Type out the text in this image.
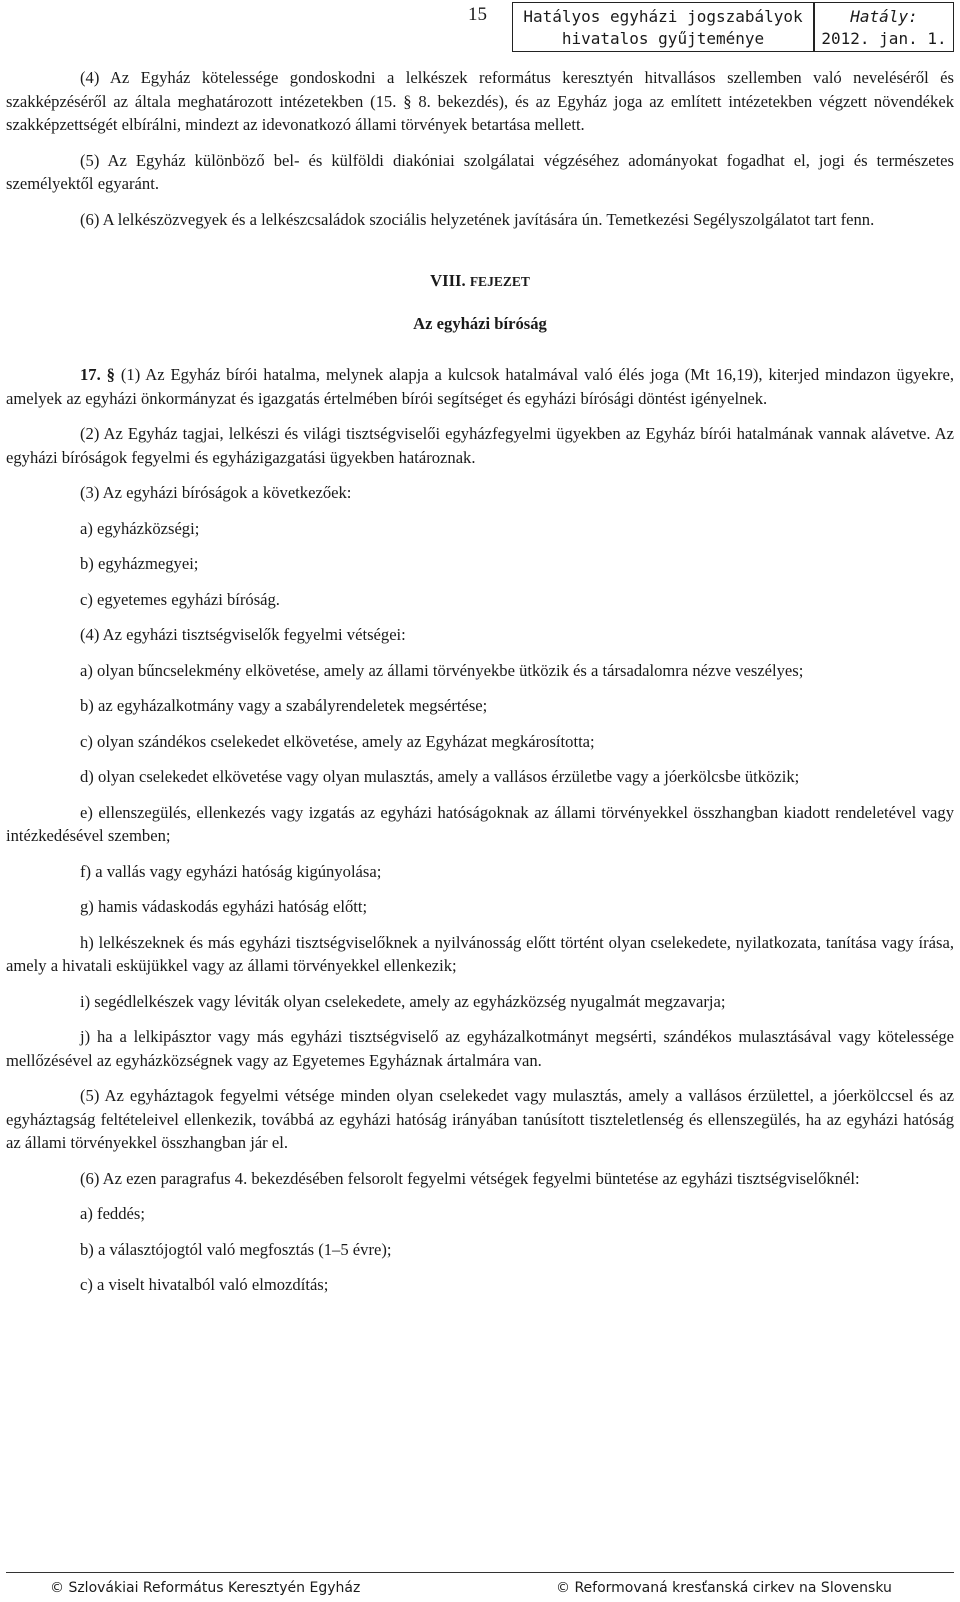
15 Hatályos egyházi jogszabályok
hivatalos gyűjteménye
Hatály:
2012. jan. 1.

(4) Az Egyház kötelessége gondoskodni a lelkészek református keresztyén hitvallásos szellemben való neveléséről és szakképzéséről az általa meghatározott intézetekben (15. § 8. bekezdés), és az Egyház joga az említett intézetekben végzett növendékek szakképzettségét elbírálni, mindezt az idevonatkozó állami törvények betartása mellett.

(5) Az Egyház különböző bel- és külföldi diakóniai szolgálatai végzéséhez adományokat fogadhat el, jogi és természetes személyektől egyaránt.

(6) A lelkészözvegyek és a lelkészcsaládok szociális helyzetének javítására ún. Temetkezési Segélyszolgálatot tart fenn.

VIII. FEJEZET

Az egyházi bíróság

17. § (1) Az Egyház bírói hatalma, melynek alapja a kulcsok hatalmával való élés joga (Mt 16,19), kiterjed mindazon ügyekre, amelyek az egyházi önkormányzat és igazgatás értelmében bírói segítséget és egyházi bírósági döntést igényelnek.

(2) Az Egyház tagjai, lelkészi és világi tisztségviselői egyházfegyelmi ügyekben az Egyház bírói hatalmának vannak alávetve. Az egyházi bíróságok fegyelmi és egyházigazgatási ügyekben határoznak.

(3) Az egyházi bíróságok a következőek:

a) egyházközségi;

b) egyházmegyei;

c) egyetemes egyházi bíróság.

(4) Az egyházi tisztségviselők fegyelmi vétségei:

a) olyan bűncselekmény elkövetése, amely az állami törvényekbe ütközik és a társadalomra nézve veszélyes;

b) az egyházalkotmány vagy a szabályrendeletek megsértése;

c) olyan szándékos cselekedet elkövetése, amely az Egyházat megkárosította;

d) olyan cselekedet elkövetése vagy olyan mulasztás, amely a vallásos érzületbe vagy a jóerkölcsbe ütközik;

e) ellenszegülés, ellenkezés vagy izgatás az egyházi hatóságoknak az állami törvényekkel összhangban kiadott rendeletével vagy intézkedésével szemben;

f) a vallás vagy egyházi hatóság kigúnyolása;

g) hamis vádaskodás egyházi hatóság előtt;

h) lelkészeknek és más egyházi tisztségviselőknek a nyilvánosság előtt történt olyan cselekedete, nyilatkozata, tanítása vagy írása, amely a hivatali esküjükkel vagy az állami törvényekkel ellenkezik;

i) segédlelkészek vagy léviták olyan cselekedete, amely az egyházközség nyugalmát megzavarja;

j) ha a lelkipásztor vagy más egyházi tisztségviselő az egyházalkotmányt megsérti, szándékos mulasztásával vagy kötelessége mellőzésével az egyházközségnek vagy az Egyetemes Egyháznak ártalmára van.

(5) Az egyháztagok fegyelmi vétsége minden olyan cselekedet vagy mulasztás, amely a vallásos érzülettel, a jóerkölccsel és az egyháztagság feltételeivel ellenkezik, továbbá az egyházi hatóság irányában tanúsított tiszteletlenség és ellenszegülés, ha az egyházi hatóság az állami törvényekkel összhangban jár el.

(6) Az ezen paragrafus 4. bekezdésében felsorolt fegyelmi vétségek fegyelmi büntetése az egyházi tisztségviselőknél:

a) feddés;

b) a választójogtól való megfosztás (1–5 évre);

c) a viselt hivatalból való elmozdítás;

© Szlovákiai Református Keresztyén Egyház	© Reformovaná kresťanská cirkev na Slovensku
